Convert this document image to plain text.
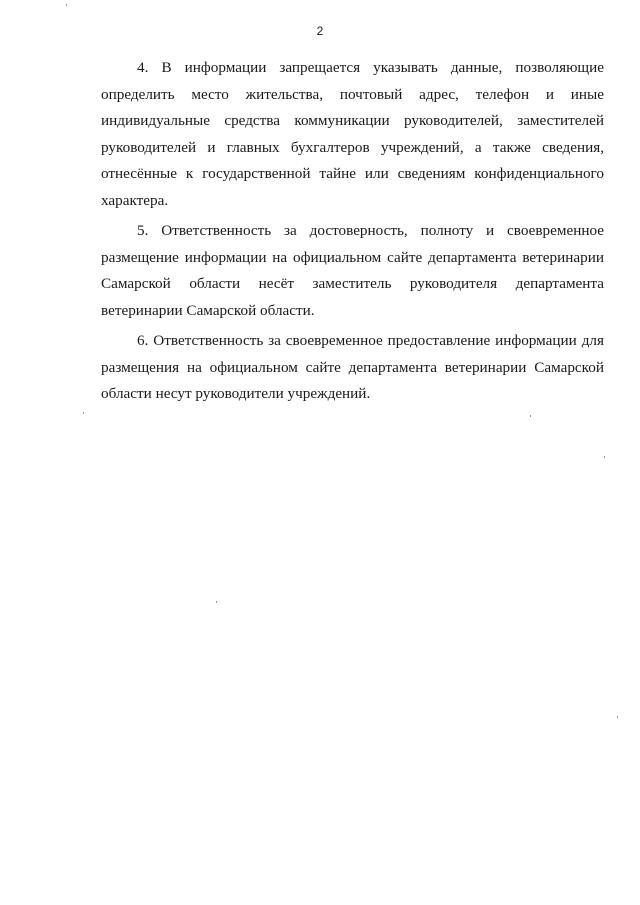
2

4. В информации запрещается указывать данные, позволяющие определить место жительства, почтовый адрес, телефон и иные индивидуальные средства коммуникации руководителей, заместителей руководителей и главных бухгалтеров учреждений, а также сведения, отнесённые к государственной тайне или сведениям конфиденциального характера.

5. Ответственность за достоверность, полноту и своевременное размещение информации на официальном сайте департамента ветеринарии Самарской области несёт заместитель руководителя департамента ветеринарии Самарской области.

6. Ответственность за своевременное предоставление информации для размещения на официальном сайте департамента ветеринарии Самарской области несут руководители учреждений.
